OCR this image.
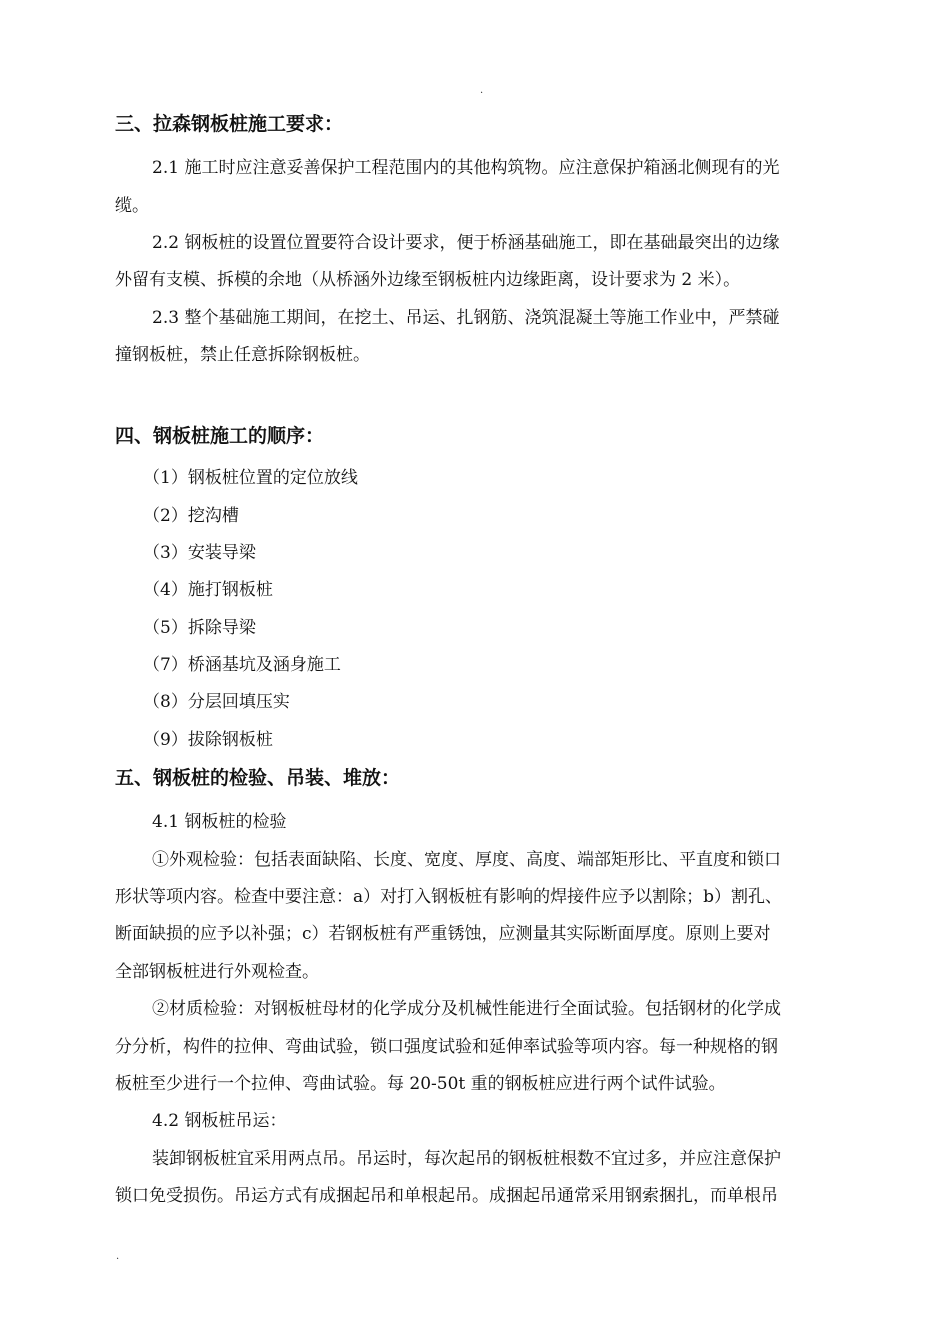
.
.
三、拉森钢板桩施工要求：
2.1 施工时应注意妥善保护工程范围内的其他构筑物。应注意保护箱涵北侧现有的光
缆。
2.2 钢板桩的设置位置要符合设计要求，便于桥涵基础施工，即在基础最突出的边缘
外留有支模、拆模的余地（从桥涵外边缘至钢板桩内边缘距离，设计要求为 2 米）。
2.3 整个基础施工期间，在挖土、吊运、扎钢筋、浇筑混凝土等施工作业中，严禁碰
撞钢板桩，禁止任意拆除钢板桩。
四、钢板桩施工的顺序：
（1）钢板桩位置的定位放线
（2）挖沟槽
（3）安装导梁
（4）施打钢板桩
（5）拆除导梁
（7）桥涵基坑及涵身施工
（8）分层回填压实
（9）拔除钢板桩
五、钢板桩的检验、吊装、堆放：
4.1 钢板桩的检验
①外观检验：包括表面缺陷、长度、宽度、厚度、高度、端部矩形比、平直度和锁口
形状等项内容。检查中要注意：a）对打入钢板桩有影响的焊接件应予以割除；b）割孔、
断面缺损的应予以补强；c）若钢板桩有严重锈蚀，应测量其实际断面厚度。原则上要对
全部钢板桩进行外观检查。
②材质检验：对钢板桩母材的化学成分及机械性能进行全面试验。包括钢材的化学成
分分析，构件的拉伸、弯曲试验，锁口强度试验和延伸率试验等项内容。每一种规格的钢
板桩至少进行一个拉伸、弯曲试验。每 20-50t 重的钢板桩应进行两个试件试验。
4.2 钢板桩吊运：
装卸钢板桩宜采用两点吊。吊运时，每次起吊的钢板桩根数不宜过多，并应注意保护
锁口免受损伤。吊运方式有成捆起吊和单根起吊。成捆起吊通常采用钢索捆扎，而单根吊
